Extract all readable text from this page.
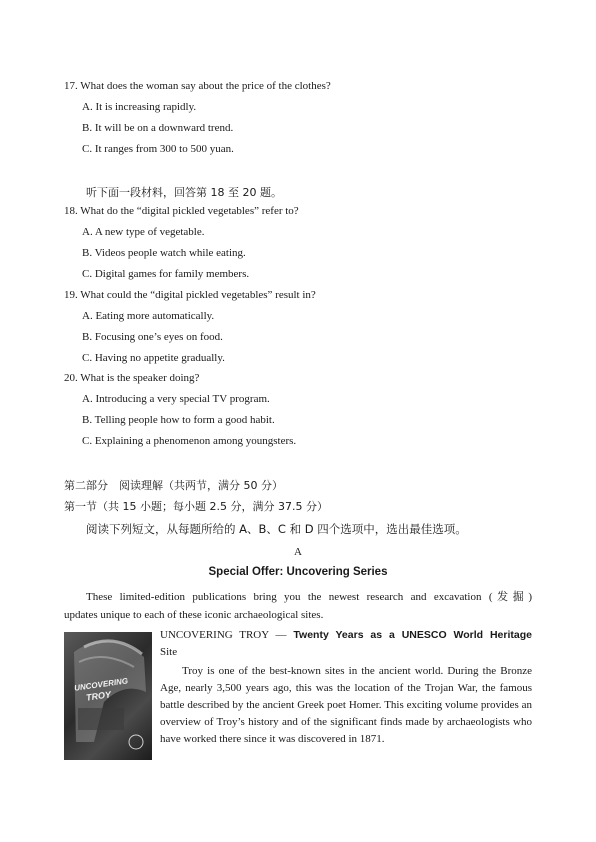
17. What does the woman say about the price of the clothes?
A. It is increasing rapidly.
B. It will be on a downward trend.
C. It ranges from 300 to 500 yuan.
听下面一段材料，回答第 18 至 20 题。
18. What do the “digital pickled vegetables” refer to?
A. A new type of vegetable.
B. Videos people watch while eating.
C. Digital games for family members.
19. What could the “digital pickled vegetables” result in?
A. Eating more automatically.
B. Focusing one’s eyes on food.
C. Having no appetite gradually.
20. What is the speaker doing?
A. Introducing a very special TV program.
B. Telling people how to form a good habit.
C. Explaining a phenomenon among youngsters.
第二部分　阅读理解（共两节，满分 50 分）
第一节（共 15 小题；每小题 2.5 分，满分 37.5 分）
阅读下列短文，从每题所给的 A、B、C 和 D 四个选项中，选出最佳选项。
A
Special Offer: Uncovering Series
These limited-edition publications bring you the newest research and excavation (发掘)
updates unique to each of these iconic archaeological sites.
UNCOVERING
TROY
UNCOVERING TROY — Twenty Years as a UNESCO World Heritage
Site
Troy is one of the best-known sites in the ancient world. During the Bronze Age, nearly 3,500 years ago, this was the location of the Trojan War, the famous battle described by the ancient Greek poet Homer. This exciting volume provides an overview of Troy’s history and of the significant finds made by archaeologists who have worked there since it was discovered in 1871.
